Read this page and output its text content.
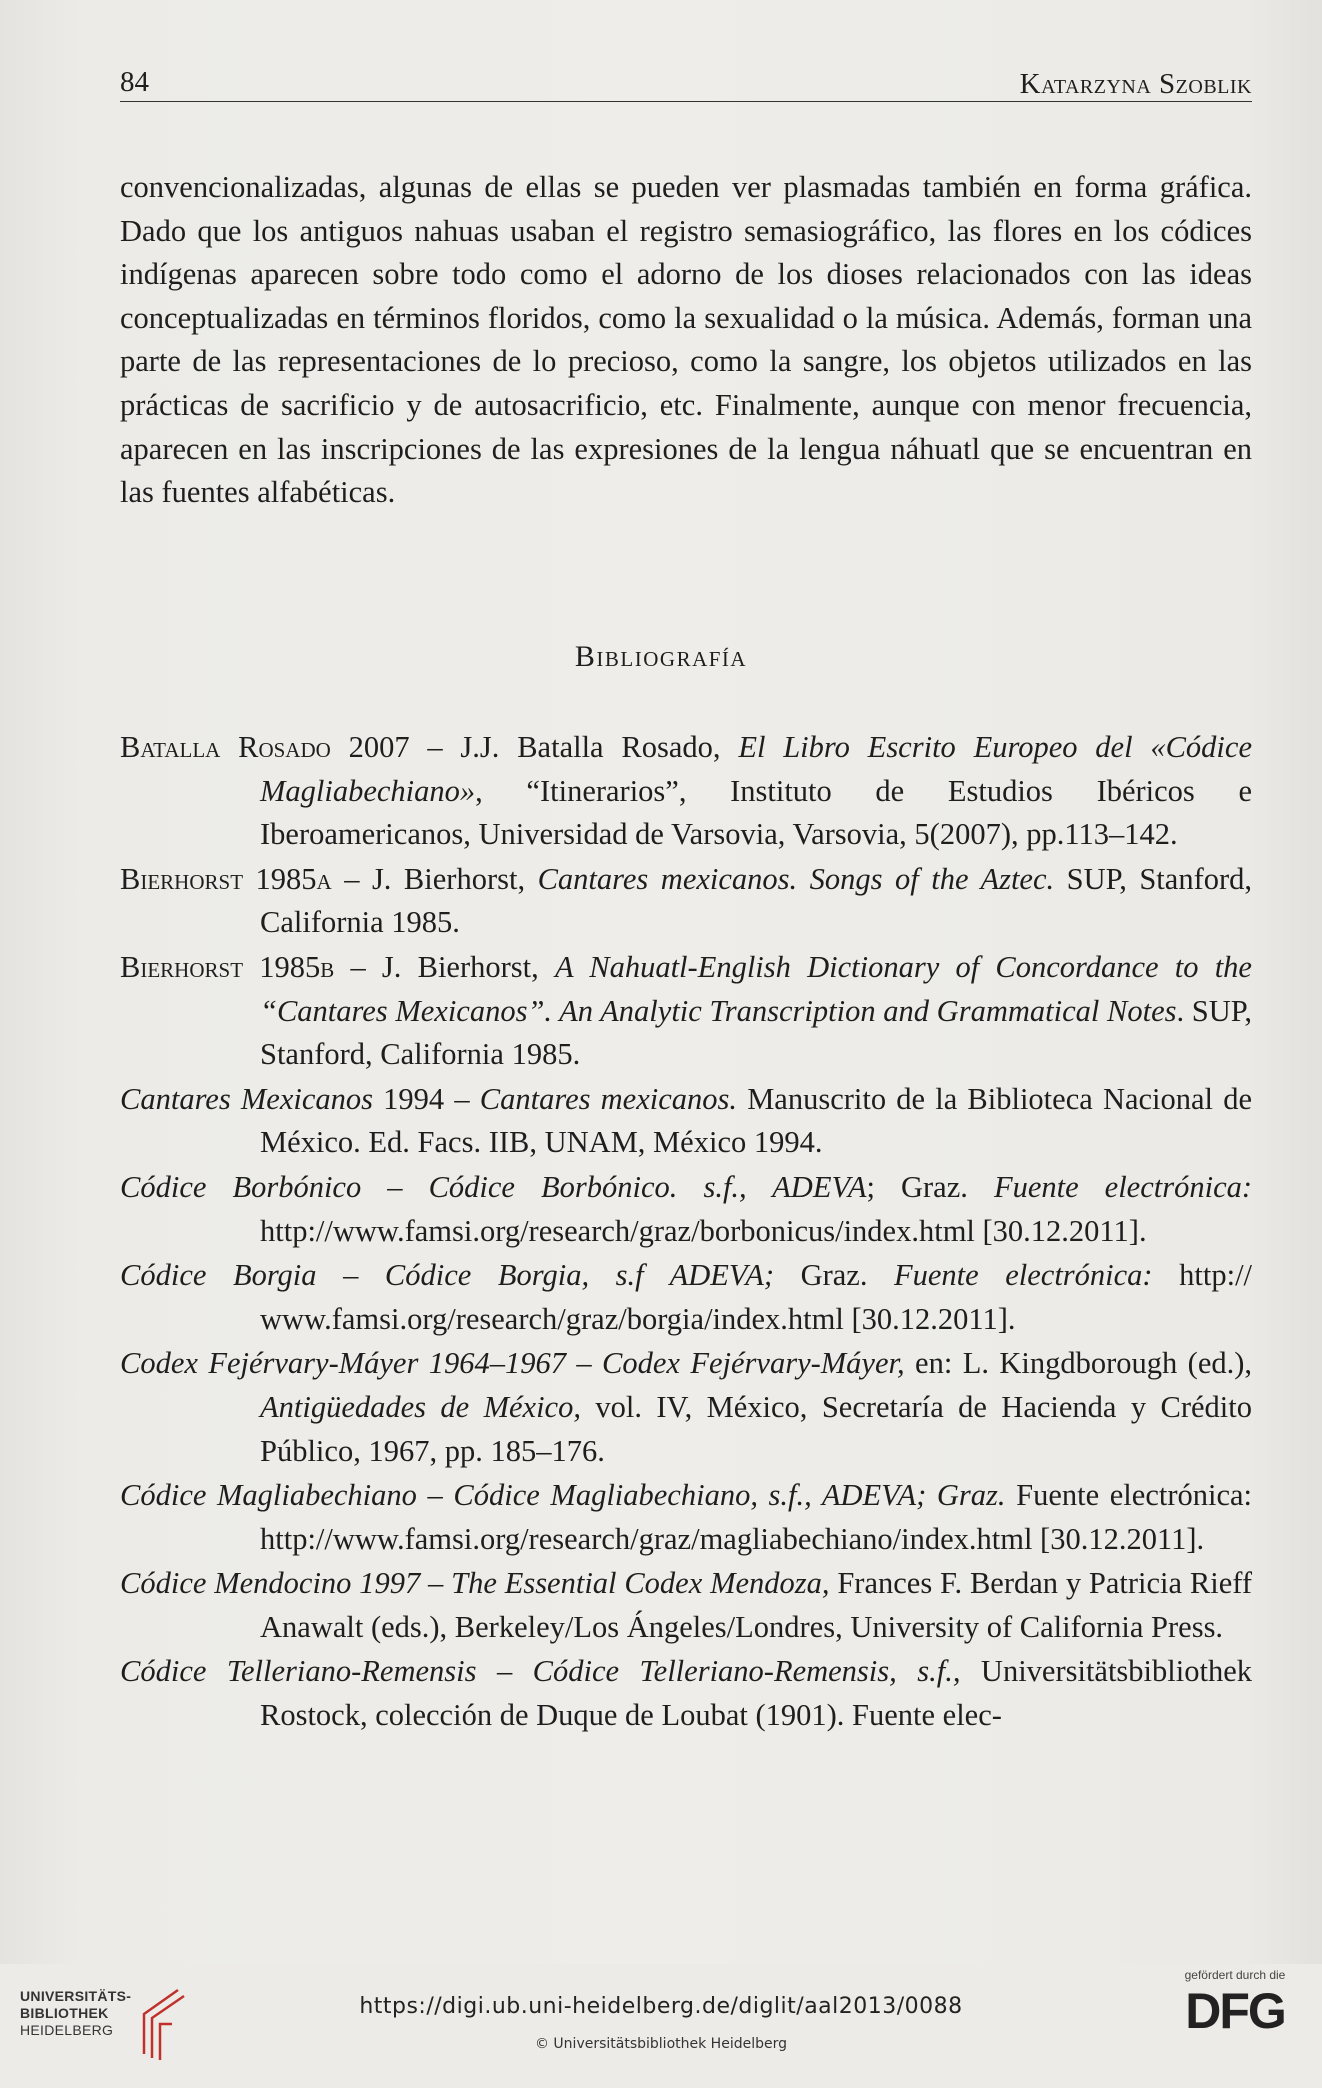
84	Katarzyna Szoblik

convencionalizadas, algunas de ellas se pueden ver plasmadas también en forma gráfica. Dado que los antiguos nahuas usaban el registro semasiográfico, las flores en los códices indígenas aparecen sobre todo como el adorno de los dioses relacionados con las ideas conceptualizadas en términos floridos, como la sexualidad o la música. Además, forman una parte de las representaciones de lo precioso, como la sangre, los objetos utilizados en las prácticas de sacrificio y de autosacrificio, etc. Finalmente, aunque con menor frecuencia, aparecen en las inscripciones de las expresiones de la lengua náhuatl que se encuentran en las fuentes alfabéticas.

Bibliografía
Batalla Rosado 2007 – J.J. Batalla Rosado, El Libro Escrito Europeo del «Códice Magliabechiano», “Itinerarios”, Instituto de Estudios Ibéricos e Iberoamericanos, Universidad de Varsovia, Varsovia, 5(2007), pp.113–142.
Bierhorst 1985a – J. Bierhorst, Cantares mexicanos. Songs of the Aztec. SUP, Stanford, California 1985.
Bierhorst 1985b – J. Bierhorst, A Nahuatl-English Dictionary of Concordance to the “Cantares Mexicanos”. An Analytic Transcription and Grammatical Notes. SUP, Stanford, California 1985.
Cantares Mexicanos 1994 – Cantares mexicanos. Manuscrito de la Biblioteca Nacional de México. Ed. Facs. IIB, UNAM, México 1994.
Códice Borbónico – Códice Borbónico. s.f., ADEVA; Graz. Fuente electrónica: http://www.famsi.org/research/graz/borbonicus/index.html [30.12.2011].
Códice Borgia – Códice Borgia, s.f ADEVA; Graz. Fuente electrónica: http:// www.famsi.org/research/graz/borgia/index.html [30.12.2011].
Codex Fejérvary-Máyer 1964–1967 – Codex Fejérvary-Máyer, en: L. Kingdborough (ed.), Antigüedades de México, vol. IV, México, Secretaría de Hacienda y Crédito Público, 1967, pp. 185–176.
Códice Magliabechiano – Códice Magliabechiano, s.f., ADEVA; Graz. Fuente electrónica: http://www.famsi.org/research/graz/magliabechiano/index.html [30.12.2011].
Códice Mendocino 1997 – The Essential Codex Mendoza, Frances F. Berdan y Patricia Rieff Anawalt (eds.), Berkeley/Los Ángeles/Londres, University of California Press.
Códice Telleriano-Remensis – Códice Telleriano-Remensis, s.f., Universitätsbibliothek Rostock, colección de Duque de Loubat (1901). Fuente elec-
UNIVERSITÄTS-
BIBLIOTHEK
HEIDELBERG
https://digi.ub.uni-heidelberg.de/diglit/aal2013/0088
© Universitätsbibliothek Heidelberg
gefördert durch die
DFG
